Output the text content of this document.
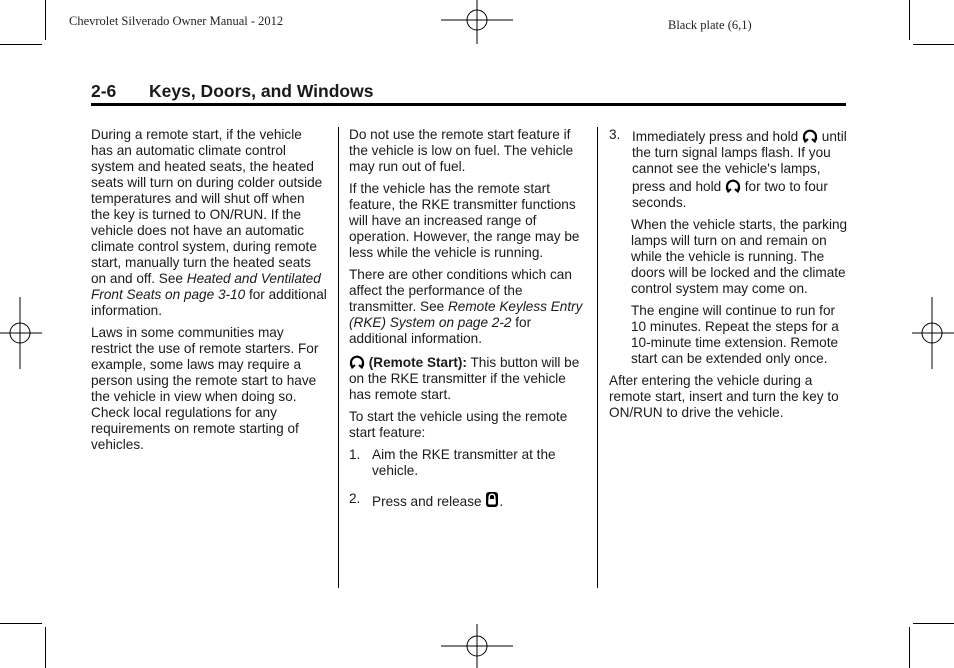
Chevrolet Silverado Owner Manual - 2012	Black plate (6,1)
2-6 Keys, Doors, and Windows

During a remote start, if the vehicle has an automatic climate control system and heated seats, the heated seats will turn on during colder outside temperatures and will shut off when the key is turned to ON/RUN. If the vehicle does not have an automatic climate control system, during remote start, manually turn the heated seats on and off. See Heated and Ventilated Front Seats on page 3-10 for additional information.

Laws in some communities may restrict the use of remote starters. For example, some laws may require a person using the remote start to have the vehicle in view when doing so. Check local regulations for any requirements on remote starting of vehicles.

Do not use the remote start feature if the vehicle is low on fuel. The vehicle may run out of fuel.

If the vehicle has the remote start feature, the RKE transmitter functions will have an increased range of operation. However, the range may be less while the vehicle is running.

There are other conditions which can affect the performance of the transmitter. See Remote Keyless Entry (RKE) System on page 2-2 for additional information.

(Remote Start): This button will be on the RKE transmitter if the vehicle has remote start.

To start the vehicle using the remote start feature:

1. Aim the RKE transmitter at the vehicle.
2. Press and release .
3. Immediately press and hold until the turn signal lamps flash. If you cannot see the vehicle's lamps, press and hold for two to four seconds.

When the vehicle starts, the parking lamps will turn on and remain on while the vehicle is running. The doors will be locked and the climate control system may come on.

The engine will continue to run for 10 minutes. Repeat the steps for a 10-minute time extension. Remote start can be extended only once.

After entering the vehicle during a remote start, insert and turn the key to ON/RUN to drive the vehicle.
